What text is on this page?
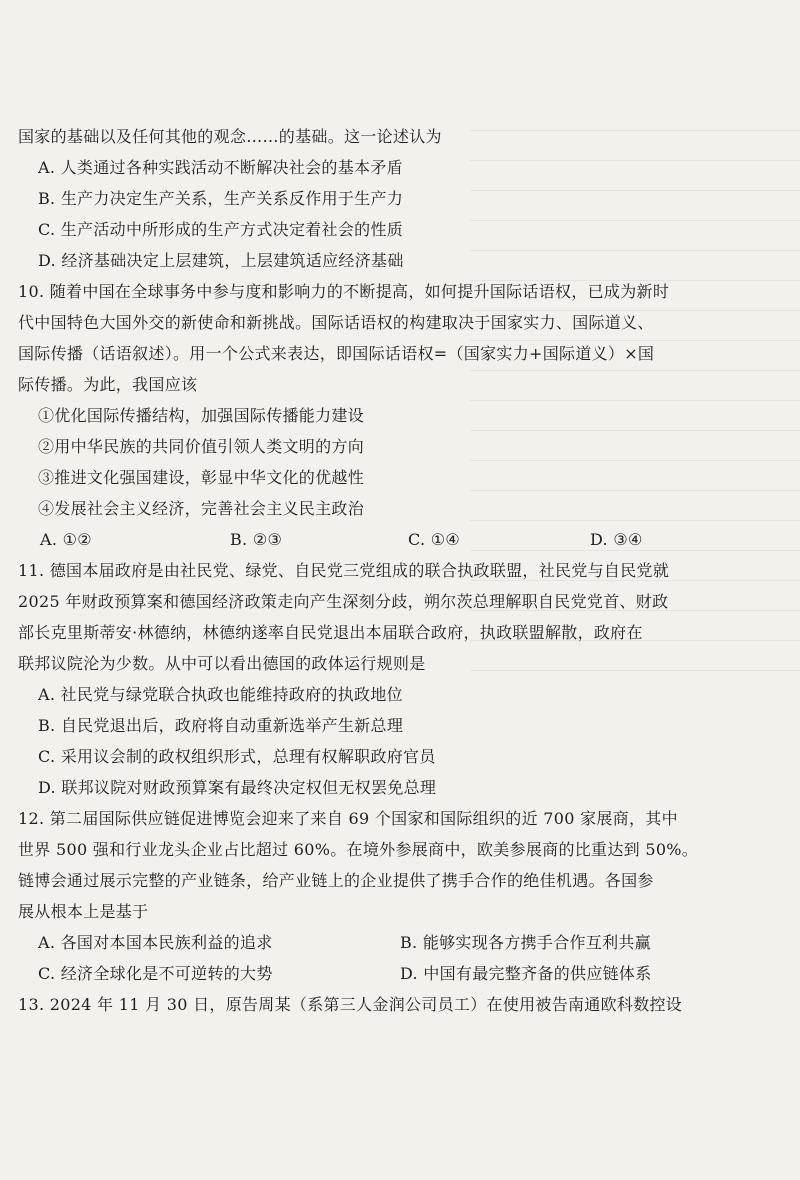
国家的基础以及任何其他的观念……的基础。这一论述认为
A. 人类通过各种实践活动不断解决社会的基本矛盾
B. 生产力决定生产关系，生产关系反作用于生产力
C. 生产活动中所形成的生产方式决定着社会的性质
D. 经济基础决定上层建筑，上层建筑适应经济基础
10. 随着中国在全球事务中参与度和影响力的不断提高，如何提升国际话语权，已成为新时
代中国特色大国外交的新使命和新挑战。国际话语权的构建取决于国家实力、国际道义、
国际传播（话语叙述）。用一个公式来表达，即国际话语权=（国家实力+国际道义）×国
际传播。为此，我国应该
①优化国际传播结构，加强国际传播能力建设
②用中华民族的共同价值引领人类文明的方向
③推进文化强国建设，彰显中华文化的优越性
④发展社会主义经济，完善社会主义民主政治
A. ①②	B. ②③	C. ①④	D. ③④
11. 德国本届政府是由社民党、绿党、自民党三党组成的联合执政联盟，社民党与自民党就
2025 年财政预算案和德国经济政策走向产生深刻分歧，朔尔茨总理解职自民党党首、财政
部长克里斯蒂安·林德纳，林德纳遂率自民党退出本届联合政府，执政联盟解散，政府在
联邦议院沦为少数。从中可以看出德国的政体运行规则是
A. 社民党与绿党联合执政也能维持政府的执政地位
B. 自民党退出后，政府将自动重新选举产生新总理
C. 采用议会制的政权组织形式，总理有权解职政府官员
D. 联邦议院对财政预算案有最终决定权但无权罢免总理
12. 第二届国际供应链促进博览会迎来了来自 69 个国家和国际组织的近 700 家展商，其中
世界 500 强和行业龙头企业占比超过 60%。在境外参展商中，欧美参展商的比重达到 50%。
链博会通过展示完整的产业链条，给产业链上的企业提供了携手合作的绝佳机遇。各国参
展从根本上是基于
A. 各国对本国本民族利益的追求	B. 能够实现各方携手合作互利共赢
C. 经济全球化是不可逆转的大势	D. 中国有最完整齐备的供应链体系
13. 2024 年 11 月 30 日，原告周某（系第三人金润公司员工）在使用被告南通欧科数控设
